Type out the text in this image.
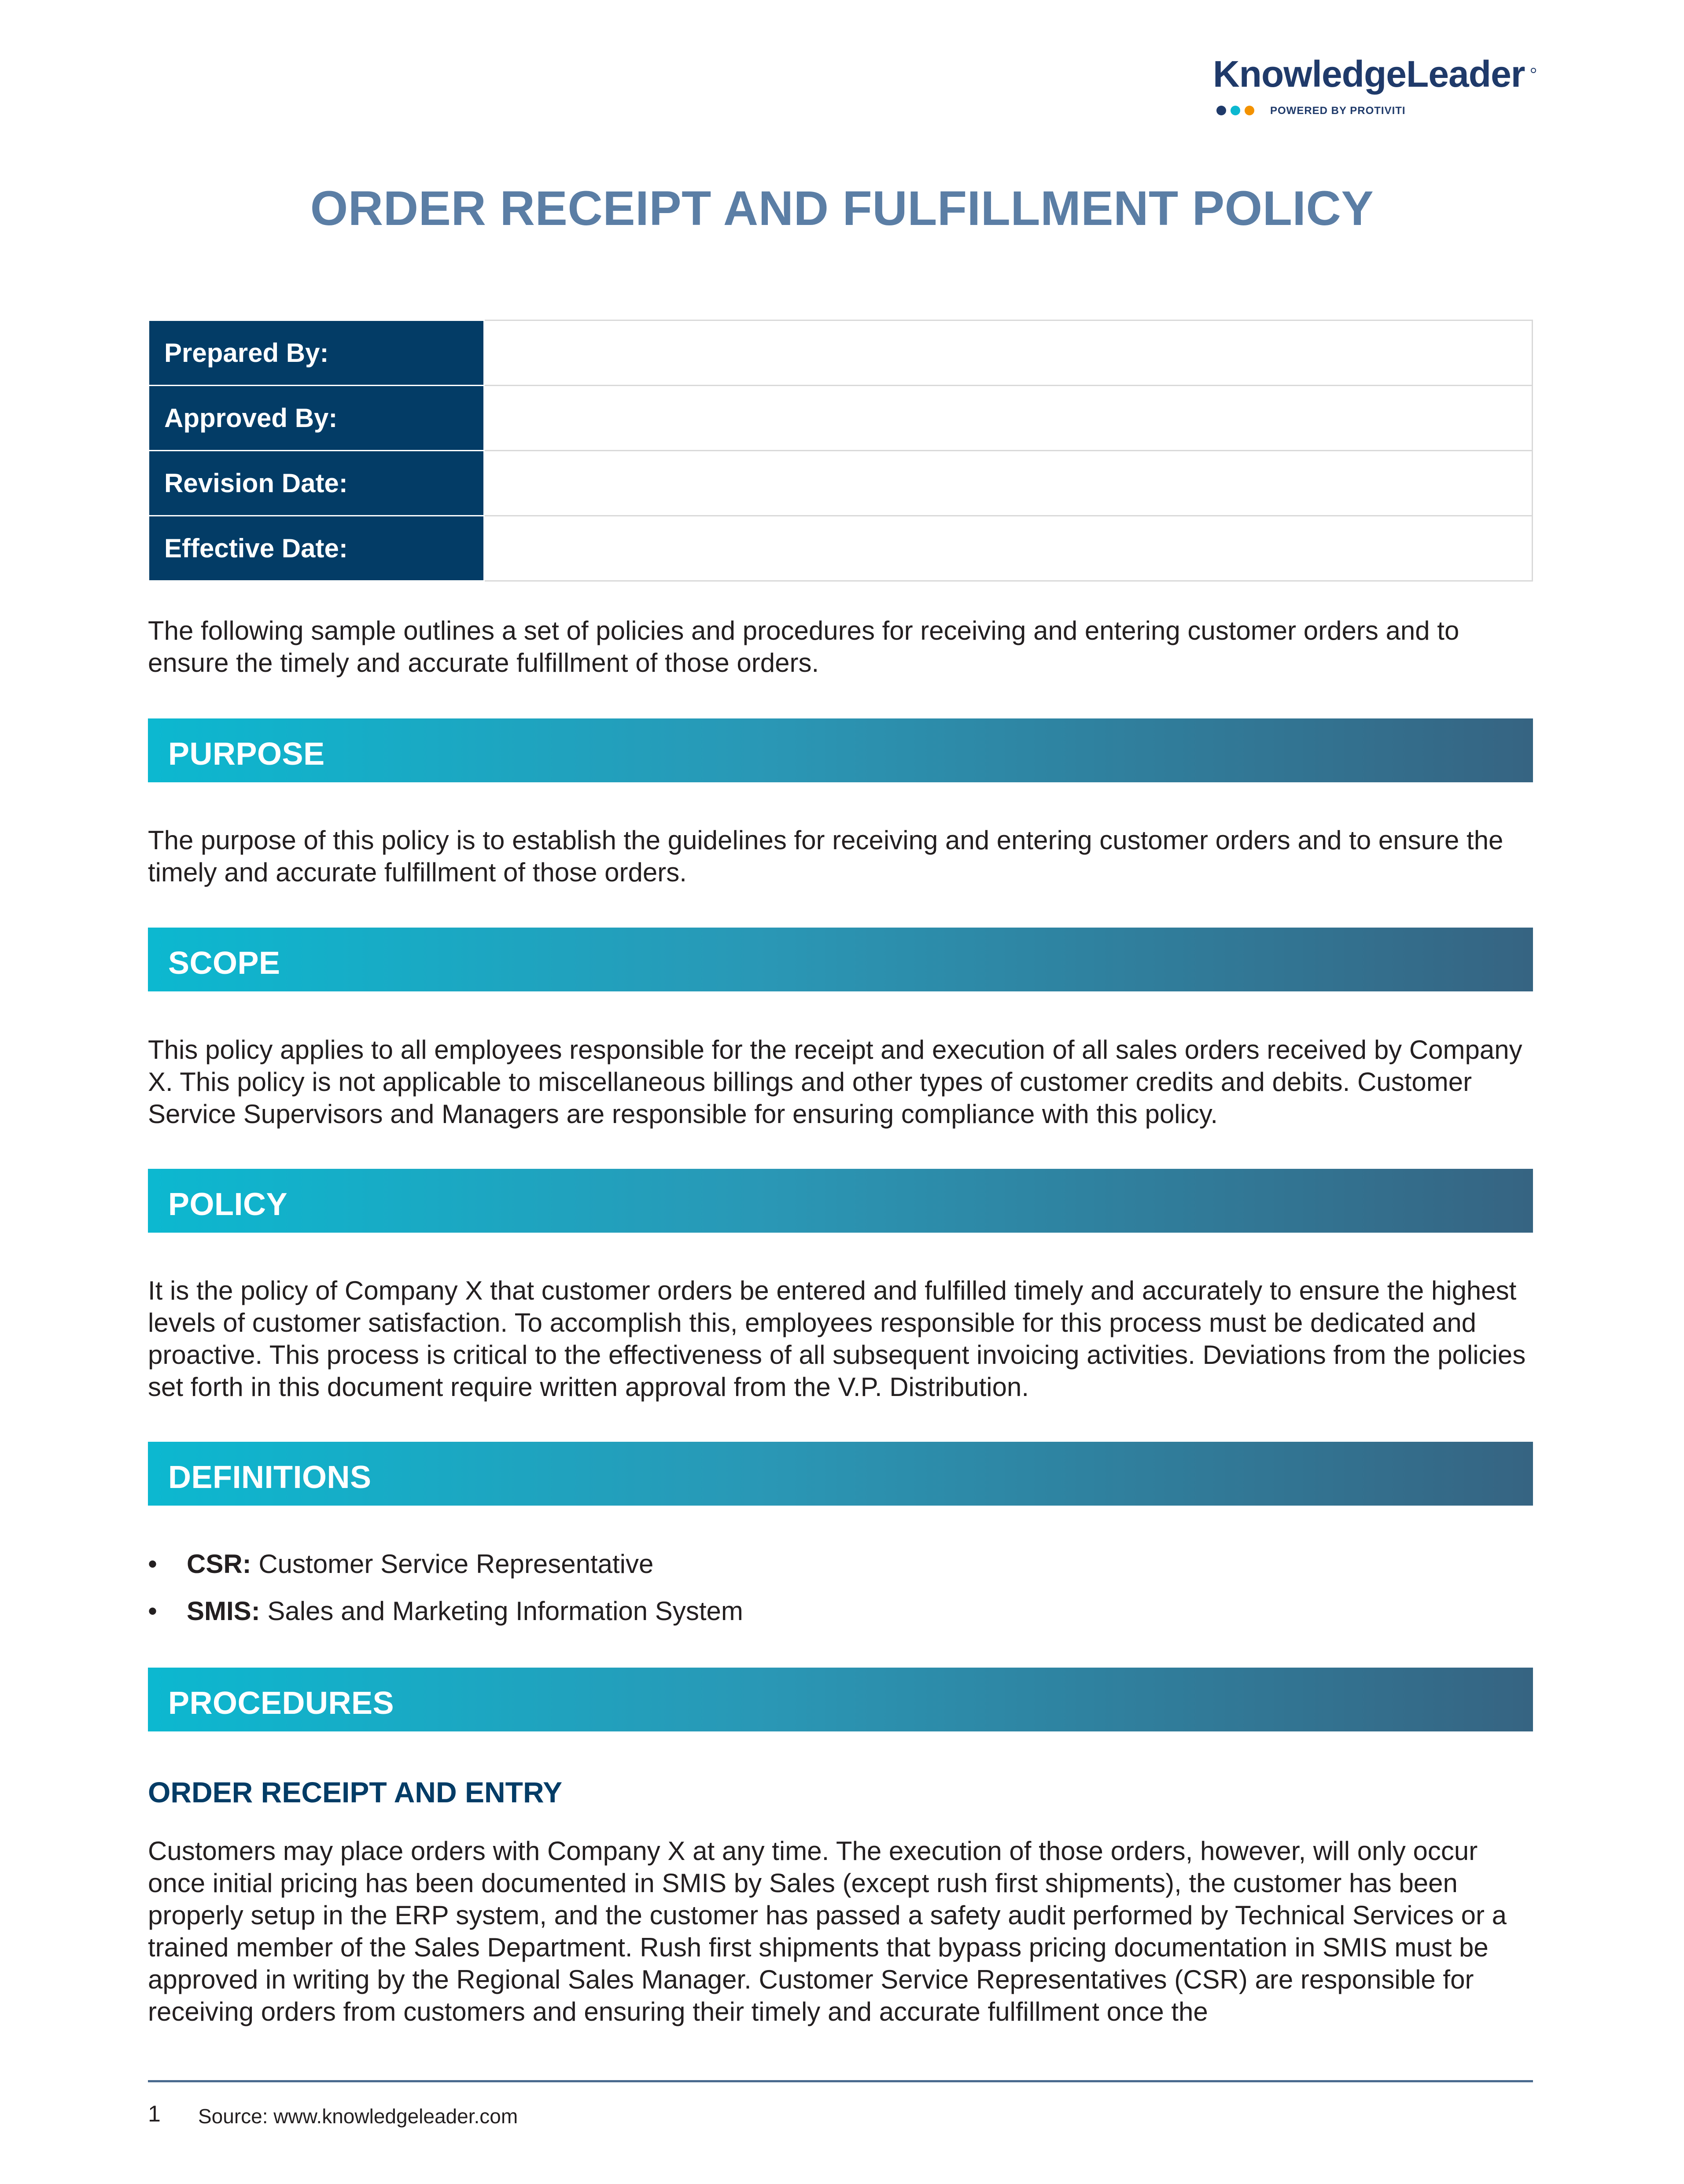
KnowledgeLeader
POWERED BY PROTIVITI
ORDER RECEIPT AND FULFILLMENT POLICY
Prepared By:	
Approved By:	
Revision Date:	
Effective Date:	
The following sample outlines a set of policies and procedures for receiving and entering customer orders and to ensure the timely and accurate fulfillment of those orders.
PURPOSE
The purpose of this policy is to establish the guidelines for receiving and entering customer orders and to ensure the timely and accurate fulfillment of those orders.
SCOPE
This policy applies to all employees responsible for the receipt and execution of all sales orders received by Company X. This policy is not applicable to miscellaneous billings and other types of customer credits and debits. Customer Service Supervisors and Managers are responsible for ensuring compliance with this policy.
POLICY
It is the policy of Company X that customer orders be entered and fulfilled timely and accurately to ensure the highest levels of customer satisfaction. To accomplish this, employees responsible for this process must be dedicated and proactive. This process is critical to the effectiveness of all subsequent invoicing activities. Deviations from the policies set forth in this document require written approval from the V.P. Distribution.
DEFINITIONS
• CSR: Customer Service Representative
• SMIS: Sales and Marketing Information System
PROCEDURES
ORDER RECEIPT AND ENTRY
Customers may place orders with Company X at any time. The execution of those orders, however, will only occur once initial pricing has been documented in SMIS by Sales (except rush first shipments), the customer has been properly setup in the ERP system, and the customer has passed a safety audit performed by Technical Services or a trained member of the Sales Department. Rush first shipments that bypass pricing documentation in SMIS must be approved in writing by the Regional Sales Manager. Customer Service Representatives (CSR) are responsible for receiving orders from customers and ensuring their timely and accurate fulfillment once the
1 Source: www.knowledgeleader.com
